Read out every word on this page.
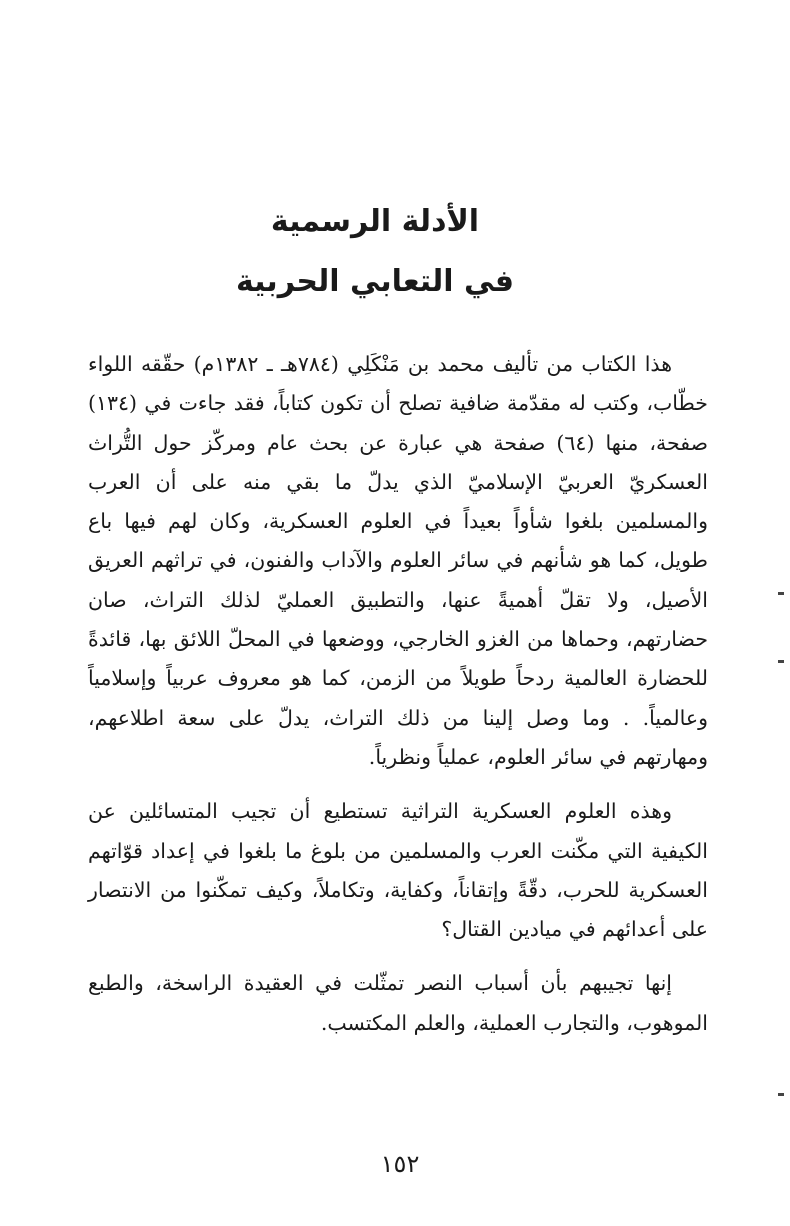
الأدلة الرسمية
في التعابي الحربية

هذا الكتاب من تأليف محمد بن مَنْكَلِي (٧٨٤هـ ـ ١٣٨٢م) حقّقه اللواء خطّاب، وكتب له مقدّمة ضافية تصلح أن تكون كتاباً، فقد جاءت في (١٣٤) صفحة، منها (٦٤) صفحة هي عبارة عن بحث عام ومركّز حول التُّراث العسكريّ العربيّ الإسلاميّ الذي يدلّ ما بقي منه على أن العرب والمسلمين بلغوا شأواً بعيداً في العلوم العسكرية، وكان لهم فيها باع طويل، كما هو شأنهم في سائر العلوم والآداب والفنون، في تراثهم العريق الأصيل، ولا تقلّ أهميةً عنها، والتطبيق العمليّ لذلك التراث، صان حضارتهم، وحماها من الغزو الخارجي، ووضعها في المحلّ اللائق بها، قائدةً للحضارة العالمية ردحاً طويلاً من الزمن، كما هو معروف عربياً وإسلامياً وعالمياً. . وما وصل إلينا من ذلك التراث، يدلّ على سعة اطلاعهم، ومهارتهم في سائر العلوم، عملياً ونظرياً.

وهذه العلوم العسكرية التراثية تستطيع أن تجيب المتسائلين عن الكيفية التي مكّنت العرب والمسلمين من بلوغ ما بلغوا في إعداد قوّاتهم العسكرية للحرب، دقّةً وإتقاناً، وكفاية، وتكاملاً، وكيف تمكّنوا من الانتصار على أعدائهم في ميادين القتال؟

إنها تجيبهم بأن أسباب النصر تمثّلت في العقيدة الراسخة، والطبع الموهوب، والتجارب العملية، والعلم المكتسب.

١٥٢
